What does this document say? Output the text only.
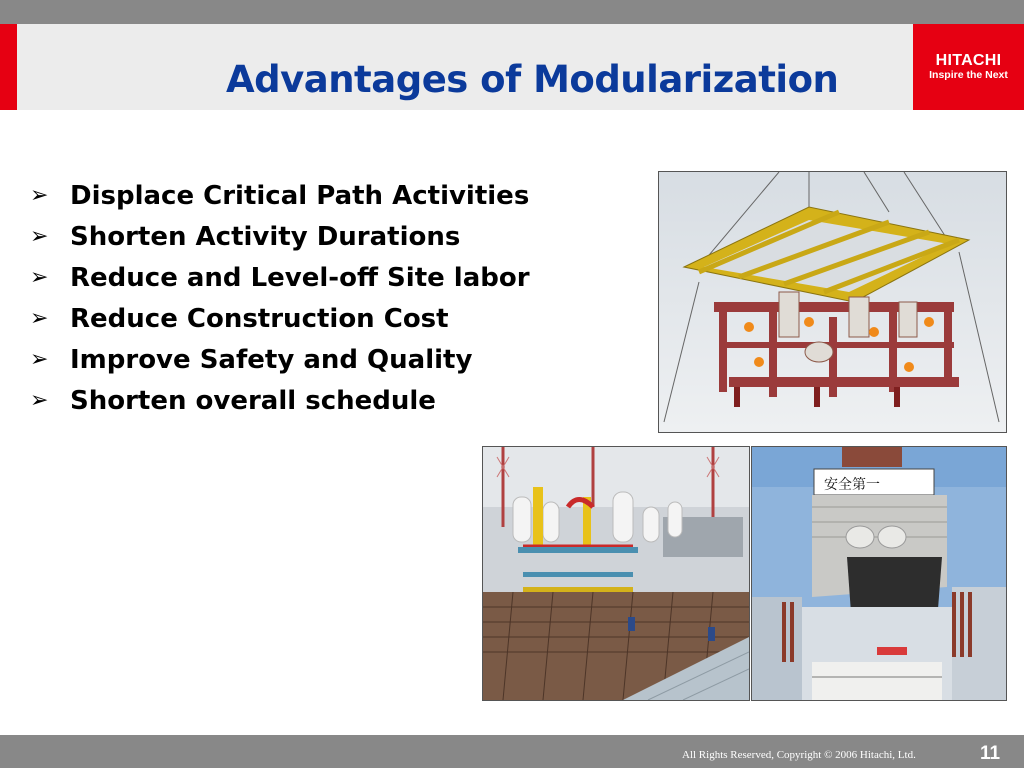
Advantages of Modularization	HITACHI
Inspire the Next
➢ Displace Critical Path Activities
➢ Shorten Activity Durations
➢ Reduce and Level-off Site labor
➢ Reduce Construction Cost
➢ Improve Safety and Quality
➢ Shorten overall schedule
安全第一
All Rights Reserved, Copyright © 2006 Hitachi, Ltd.	11
